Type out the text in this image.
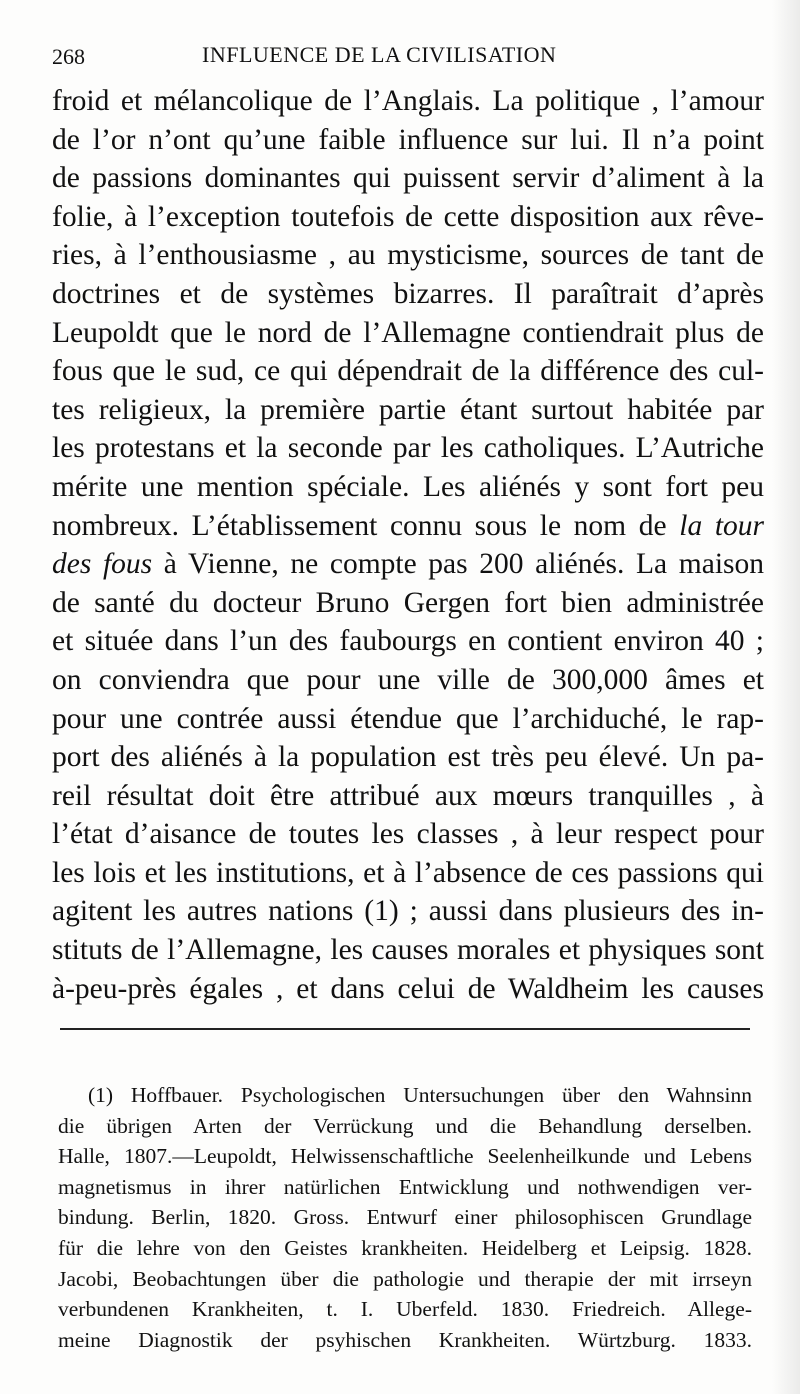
268	INFLUENCE DE LA CIVILISATION
froid et mélancolique de l’Anglais. La politique , l’amour
de l’or n’ont qu’une faible influence sur lui. Il n’a point
de passions dominantes qui puissent servir d’aliment à la
folie, à l’exception toutefois de cette disposition aux rêve-
ries, à l’enthousiasme , au mysticisme, sources de tant de
doctrines et de systèmes bizarres. Il paraîtrait d’après
Leupoldt que le nord de l’Allemagne contiendrait plus de
fous que le sud, ce qui dépendrait de la différence des cul-
tes religieux, la première partie étant surtout habitée par
les protestans et la seconde par les catholiques. L’Autriche
mérite une mention spéciale. Les aliénés y sont fort peu
nombreux. L’établissement connu sous le nom de la tour
des fous à Vienne, ne compte pas 200 aliénés. La maison
de santé du docteur Bruno Gergen fort bien administrée
et située dans l’un des faubourgs en contient environ 40 ;
on conviendra que pour une ville de 300,000 âmes et
pour une contrée aussi étendue que l’archiduché, le rap-
port des aliénés à la population est très peu élevé. Un pa-
reil résultat doit être attribué aux mœurs tranquilles , à
l’état d’aisance de toutes les classes , à leur respect pour
les lois et les institutions, et à l’absence de ces passions qui
agitent les autres nations (1) ; aussi dans plusieurs des in-
stituts de l’Allemagne, les causes morales et physiques sont
à-peu-près égales , et dans celui de Waldheim les causes
(1) Hoffbauer. Psychologischen Untersuchungen über den Wahnsinn
die übrigen Arten der Verrückung und die Behandlung derselben.
Halle, 1807.—Leupoldt, Helwissenschaftliche Seelenheilkunde und Lebens
magnetismus in ihrer natürlichen Entwicklung und nothwendigen ver-
bindung. Berlin, 1820. Gross. Entwurf einer philosophiscen Grundlage
für die lehre von den Geistes krankheiten. Heidelberg et Leipsig. 1828.
Jacobi, Beobachtungen über die pathologie und therapie der mit irrseyn
verbundenen Krankheiten, t. I. Uberfeld. 1830. Friedreich. Allege-
meine Diagnostik der psyhischen Krankheiten. Würtzburg. 1833.
